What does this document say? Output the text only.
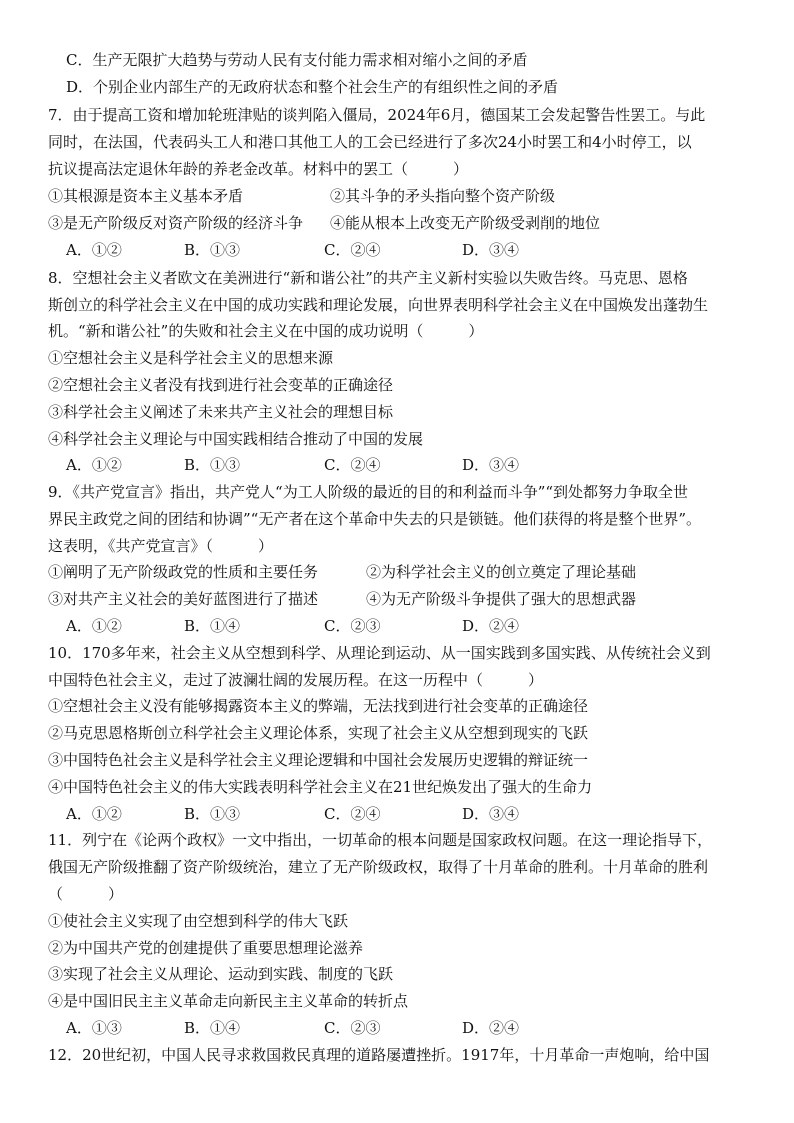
C．生产无限扩大趋势与劳动人民有支付能力需求相对缩小之间的矛盾
D．个别企业内部生产的无政府状态和整个社会生产的有组织性之间的矛盾
7．由于提高工资和增加轮班津贴的谈判陷入僵局，2024年6月，德国某工会发起警告性罢工。与此
同时，在法国，代表码头工人和港口其他工人的工会已经进行了多次24小时罢工和4小时停工，以
抗议提高法定退休年龄的养老金改革。材料中的罢工（　　　）
①其根源是资本主义基本矛盾	②其斗争的矛头指向整个资产阶级
③是无产阶级反对资产阶级的经济斗争 ④能从根本上改变无产阶级受剥削的地位
A．①②	B．①③	C．②④	D．③④
8．空想社会主义者欧文在美洲进行“新和谐公社”的共产主义新村实验以失败告终。马克思、恩格
斯创立的科学社会主义在中国的成功实践和理论发展，向世界表明科学社会主义在中国焕发出蓬勃生
机。“新和谐公社”的失败和社会主义在中国的成功说明（　　　）
①空想社会主义是科学社会主义的思想来源
②空想社会主义者没有找到进行社会变革的正确途径
③科学社会主义阐述了未来共产主义社会的理想目标
④科学社会主义理论与中国实践相结合推动了中国的发展
A．①②	B．①③	C．②④	D．③④
9．《共产党宣言》指出，共产党人“为工人阶级的最近的目的和利益而斗争”“到处都努力争取全世
界民主政党之间的团结和协调”“无产者在这个革命中失去的只是锁链。他们获得的将是整个世界”。
这表明，《共产党宣言》（　　　）
①阐明了无产阶级政党的性质和主要任务	②为科学社会主义的创立奠定了理论基础
③对共产主义社会的美好蓝图进行了描述	④为无产阶级斗争提供了强大的思想武器
A．①②	B．①④	C．②③	D．②④
10．170多年来，社会主义从空想到科学、从理论到运动、从一国实践到多国实践、从传统社会义到
中国特色社会主义，走过了波澜壮阔的发展历程。在这一历程中（　　　）
①空想社会主义没有能够揭露资本主义的弊端，无法找到进行社会变革的正确途径
②马克思恩格斯创立科学社会主义理论体系，实现了社会主义从空想到现实的飞跃
③中国特色社会主义是科学社会主义理论逻辑和中国社会发展历史逻辑的辩证统一
④中国特色社会主义的伟大实践表明科学社会主义在21世纪焕发出了强大的生命力
A．①②	B．①③	C．②④	D．③④
11．列宁在《论两个政权》一文中指出，一切革命的根本问题是国家政权问题。在这一理论指导下，
俄国无产阶级推翻了资产阶级统治，建立了无产阶级政权，取得了十月革命的胜利。十月革命的胜利
（　　　）
①使社会主义实现了由空想到科学的伟大飞跃
②为中国共产党的创建提供了重要思想理论滋养
③实现了社会主义从理论、运动到实践、制度的飞跃
④是中国旧民主主义革命走向新民主主义革命的转折点
A．①③	B．①④	C．②③	D．②④
12．20世纪初，中国人民寻求救国救民真理的道路屡遭挫折。1917年，十月革命一声炮响，给中国
